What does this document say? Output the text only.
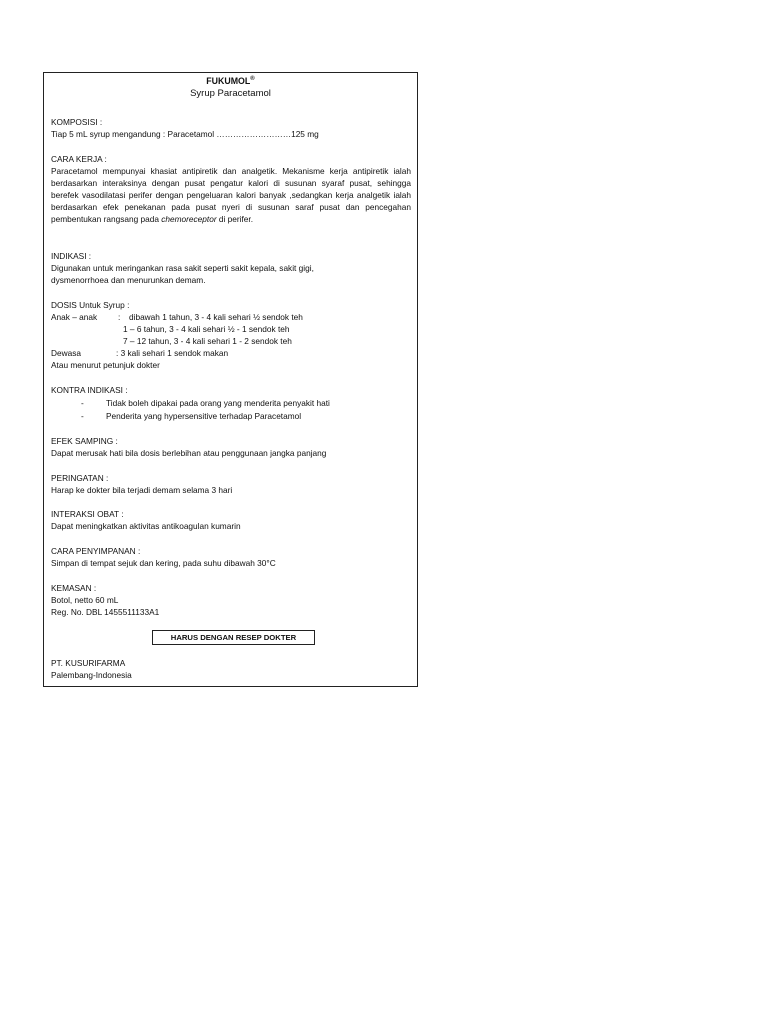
FUKUMOL®
Syrup Paracetamol
KOMPOSISI :
Tiap 5 mL syrup mengandung : Paracetamol ………………………125 mg
CARA KERJA :
Paracetamol mempunyai khasiat antipiretik dan analgetik. Mekanisme kerja antipiretik ialah berdasarkan interaksinya dengan pusat pengatur kalori di susunan syaraf pusat, sehingga berefek vasodilatasi perifer dengan pengeluaran kalori banyak ,sedangkan kerja analgetik ialah berdasarkan efek penekanan pada pusat nyeri di susunan saraf pusat dan pencegahan pembentukan rangsang pada chemoreceptor di perifer.
INDIKASI :
Digunakan untuk meringankan rasa sakit seperti sakit kepala, sakit gigi,
dysmenorrhoea dan menurunkan demam.
DOSIS Untuk Syrup :
Anak – anak	: dibawah 1 tahun, 3 - 4 kali sehari ½ sendok teh
1 – 6 tahun, 3 - 4 kali sehari ½ - 1 sendok teh
7 – 12 tahun, 3 - 4 kali sehari 1 - 2 sendok teh
Dewasa	: 3 kali sehari 1 sendok makan
Atau menurut petunjuk dokter
KONTRA INDIKASI :
-	Tidak boleh dipakai pada orang yang menderita penyakit hati
-	Penderita yang hypersensitive terhadap Paracetamol
EFEK SAMPING :
Dapat merusak hati bila dosis berlebihan atau penggunaan jangka panjang
PERINGATAN :
Harap ke dokter bila terjadi demam selama 3 hari
INTERAKSI OBAT :
Dapat meningkatkan aktivitas antikoagulan kumarin
CARA PENYIMPANAN :
Simpan di tempat sejuk dan kering, pada suhu dibawah 30°C
KEMASAN :
Botol, netto 60 mL
Reg. No. DBL 1455511133A1
HARUS DENGAN RESEP DOKTER
PT. KUSURIFARMA
Palembang-Indonesia
